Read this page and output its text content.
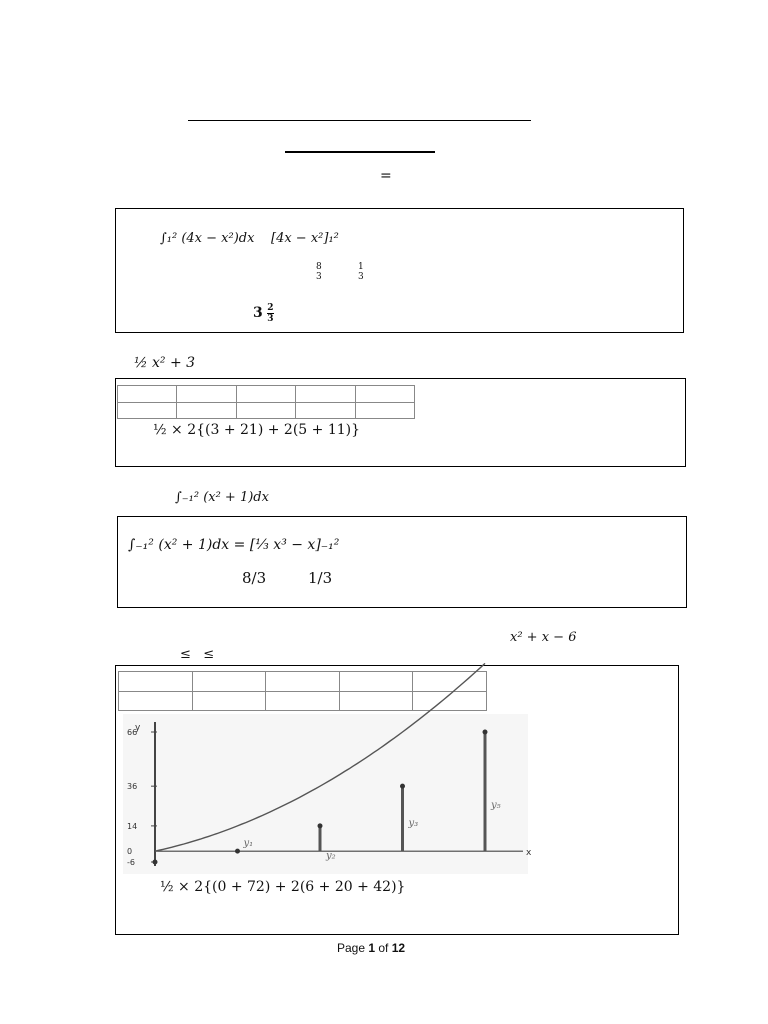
=
∫₁² (4x − x²)dx [4x − x²]₁²
8
3
1
3
$3 \frac{2}{3}$
½ x² + 3

½ × 2{(3 + 21) + 2(5 + 11)}
∫₋₁² (x² + 1)dx
∫₋₁² (x² + 1)dx = [⅓ x³ − x]₋₁²
8/3	1/3
x² + x − 6
≤   ≤

x
y
66
36
14
-6
0
y₁
y₂
y₃
y₅
½ × 2{(0 + 72) + 2(6 + 20 + 42)}
Page 1 of 12
